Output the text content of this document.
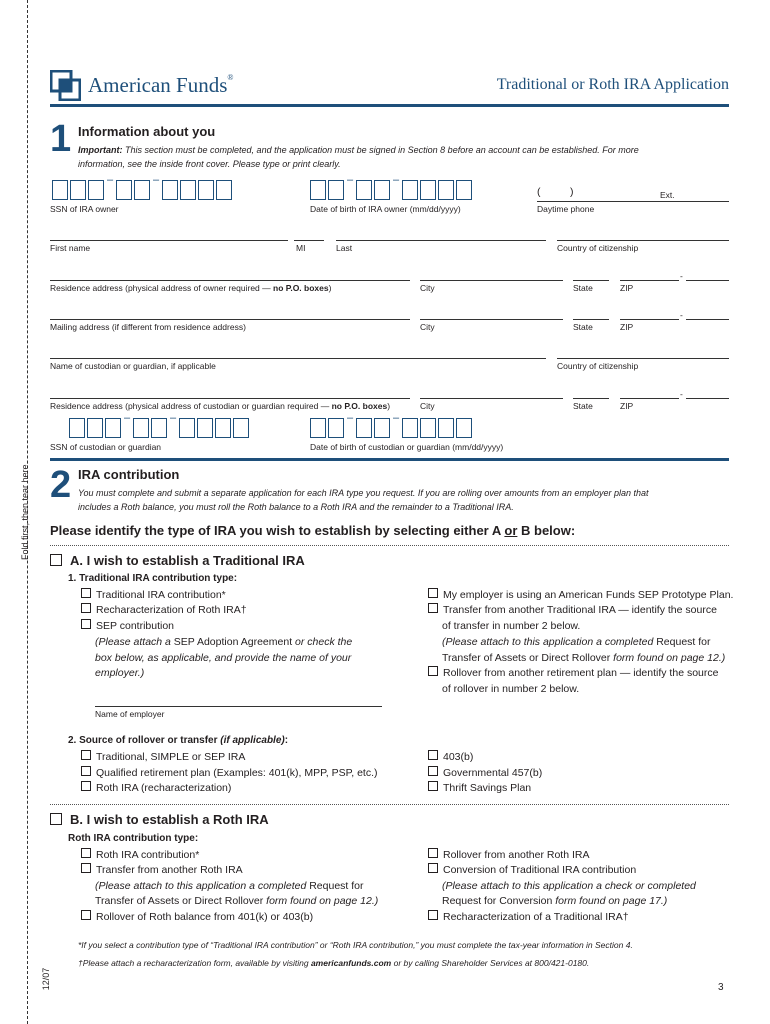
Fold first, then tear here.
12/07
American Funds®	Traditional or Roth IRA Application
1 Information about you
Important: This section must be completed, and the application must be signed in Section 8 before an account can be established. For more
information, see the inside front cover. Please type or print clearly.
–	–	–	–
(	)	Ext.
SSN of IRA owner	Date of birth of IRA owner (mm/dd/yyyy)	Daytime phone
First name	MI	Last	Country of citizenship
-
Residence address (physical address of owner required — no P.O. boxes)	City	State	ZIP
-
Mailing address (if different from residence address)	City	State	ZIP
Name of custodian or guardian, if applicable	Country of citizenship
-
Residence address (physical address of custodian or guardian required — no P.O. boxes)	City	State	ZIP
–	–	–	–
SSN of custodian or guardian	Date of birth of custodian or guardian (mm/dd/yyyy)
2 IRA contribution
You must complete and submit a separate application for each IRA type you request. If you are rolling over amounts from an employer plan that
includes a Roth balance, you must roll the Roth balance to a Roth IRA and the remainder to a Traditional IRA.
Please identify the type of IRA you wish to establish by selecting either A or B below:
A. I wish to establish a Traditional IRA
1. Traditional IRA contribution type:
Traditional IRA contribution*
Recharacterization of Roth IRA†
SEP contribution
(Please attach a SEP Adoption Agreement or check the
box below, as applicable, and provide the name of your
employer.)
My employer is using an American Funds SEP Prototype Plan.
Transfer from another Traditional IRA — identify the source
of transfer in number 2 below.
(Please attach to this application a completed Request for
Transfer of Assets or Direct Rollover form found on page 12.)
Rollover from another retirement plan — identify the source
of rollover in number 2 below.
Name of employer
2. Source of rollover or transfer (if applicable):
Traditional, SIMPLE or SEP IRA
Qualified retirement plan (Examples: 401(k), MPP, PSP, etc.)
Roth IRA (recharacterization)
403(b)
Governmental 457(b)
Thrift Savings Plan
B. I wish to establish a Roth IRA
Roth IRA contribution type:
Roth IRA contribution*
Transfer from another Roth IRA
(Please attach to this application a completed Request for
Transfer of Assets or Direct Rollover form found on page 12.)
Rollover of Roth balance from 401(k) or 403(b)
Rollover from another Roth IRA
Conversion of Traditional IRA contribution
(Please attach to this application a check or completed
Request for Conversion form found on page 17.)
Recharacterization of a Traditional IRA†
*If you select a contribution type of “Traditional IRA contribution” or “Roth IRA contribution,” you must complete the tax-year information in Section 4.
†Please attach a recharacterization form, available by visiting americanfunds.com or by calling Shareholder Services at 800/421-0180.
3
